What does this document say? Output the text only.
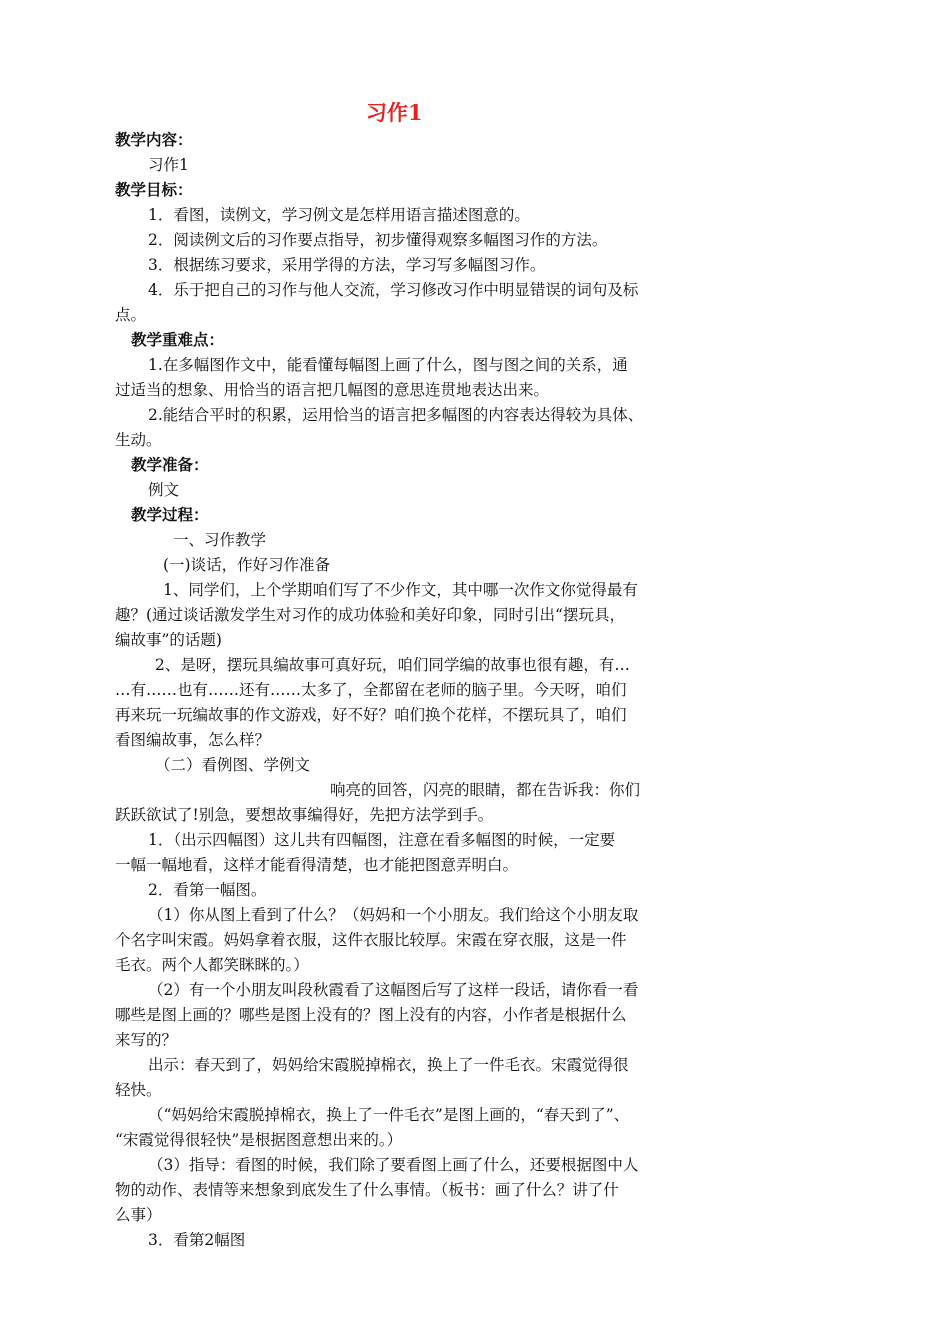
习作1
教学内容：
习作1
教学目标：
1．看图，读例文，学习例文是怎样用语言描述图意的。
2．阅读例文后的习作要点指导，初步懂得观察多幅图习作的方法。
3．根据练习要求，采用学得的方法，学习写多幅图习作。
4．乐于把自己的习作与他人交流，学习修改习作中明显错误的词句及标
点。
教学重难点：
1.在多幅图作文中，能看懂每幅图上画了什么，图与图之间的关系，通
过适当的想象、用恰当的语言把几幅图的意思连贯地表达出来。
2.能结合平时的积累，运用恰当的语言把多幅图的内容表达得较为具体、
生动。
教学准备：
例文
教学过程：
一、习作教学
(一)谈话，作好习作准备
1、同学们，上个学期咱们写了不少作文，其中哪一次作文你觉得最有
趣？(通过谈话激发学生对习作的成功体验和美好印象，同时引出“摆玩具，
编故事”的话题)
2、是呀，摆玩具编故事可真好玩，咱们同学编的故事也很有趣，有…
…有……也有……还有……太多了，全都留在老师的脑子里。今天呀，咱们
再来玩一玩编故事的作文游戏，好不好？咱们换个花样，不摆玩具了，咱们
看图编故事，怎么样？
（二）看例图、学例文
响亮的回答，闪亮的眼睛，都在告诉我：你们
跃跃欲试了!别急，要想故事编得好，先把方法学到手。
1．（出示四幅图）这儿共有四幅图，注意在看多幅图的时候，一定要
一幅一幅地看，这样才能看得清楚，也才能把图意弄明白。
2．看第一幅图。
（1）你从图上看到了什么？（妈妈和一个小朋友。我们给这个小朋友取
个名字叫宋霞。妈妈拿着衣服，这件衣服比较厚。宋霞在穿衣服，这是一件
毛衣。两个人都笑眯眯的。）
（2）有一个小朋友叫段秋霞看了这幅图后写了这样一段话，请你看一看
哪些是图上画的？哪些是图上没有的？图上没有的内容，小作者是根据什么
来写的？
出示：春天到了，妈妈给宋霞脱掉棉衣，换上了一件毛衣。宋霞觉得很
轻快。
（“妈妈给宋霞脱掉棉衣，换上了一件毛衣”是图上画的，“春天到了”、
“宋霞觉得很轻快”是根据图意想出来的。）
（3）指导：看图的时候，我们除了要看图上画了什么，还要根据图中人
物的动作、表情等来想象到底发生了什么事情。（板书：画了什么？讲了什
么事）
3．看第2幅图
